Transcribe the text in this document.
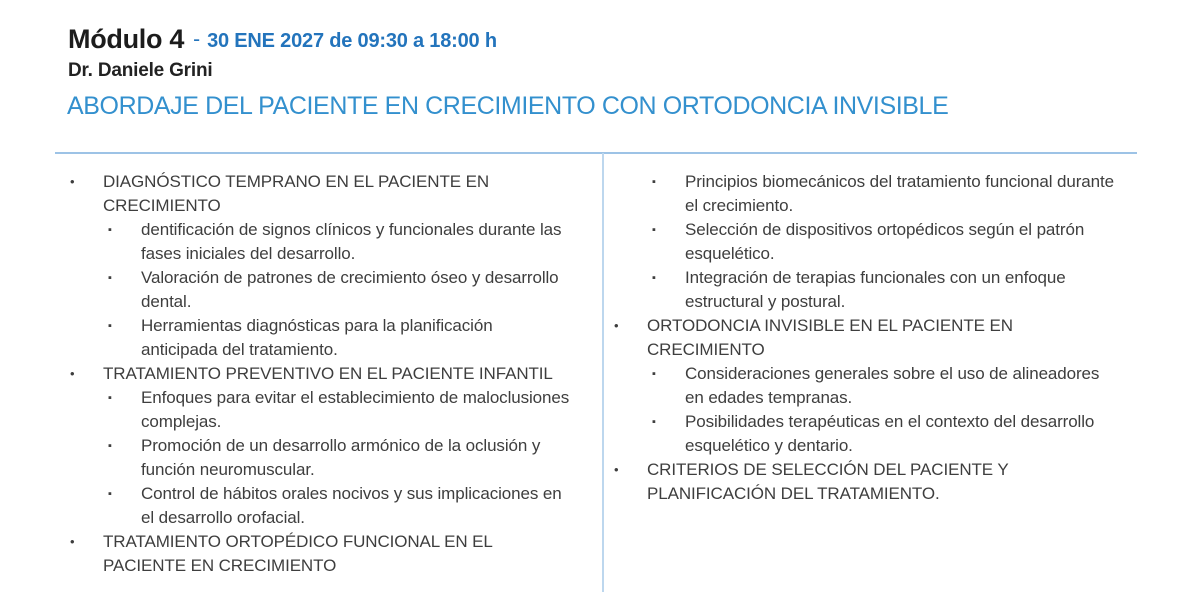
Módulo 4 - 30 ENE 2027 de 09:30 a 18:00 h
Dr. Daniele Grini
ABORDAJE DEL PACIENTE EN CRECIMIENTO CON ORTODONCIA INVISIBLE
• DIAGNÓSTICO TEMPRANO EN EL PACIENTE EN CRECIMIENTO
▪ dentificación de signos clínicos y funcionales durante las fases iniciales del desarrollo.
▪ Valoración de patrones de crecimiento óseo y desarrollo dental.
▪ Herramientas diagnósticas para la planificación anticipada del tratamiento.
• TRATAMIENTO PREVENTIVO EN EL PACIENTE INFANTIL
▪ Enfoques para evitar el establecimiento de maloclusiones complejas.
▪ Promoción de un desarrollo armónico de la oclusión y función neuromuscular.
▪ Control de hábitos orales nocivos y sus implicaciones en el desarrollo orofacial.
• TRATAMIENTO ORTOPÉDICO FUNCIONAL EN EL PACIENTE EN CRECIMIENTO
▪ Principios biomecánicos del tratamiento funcional durante el crecimiento.
▪ Selección de dispositivos ortopédicos según el patrón esquelético.
▪ Integración de terapias funcionales con un enfoque estructural y postural.
• ORTODONCIA INVISIBLE EN EL PACIENTE EN CRECIMIENTO
▪ Consideraciones generales sobre el uso de alineadores en edades tempranas.
▪ Posibilidades terapéuticas en el contexto del desarrollo esquelético y dentario.
• CRITERIOS DE SELECCIÓN DEL PACIENTE Y PLANIFICACIÓN DEL TRATAMIENTO.
